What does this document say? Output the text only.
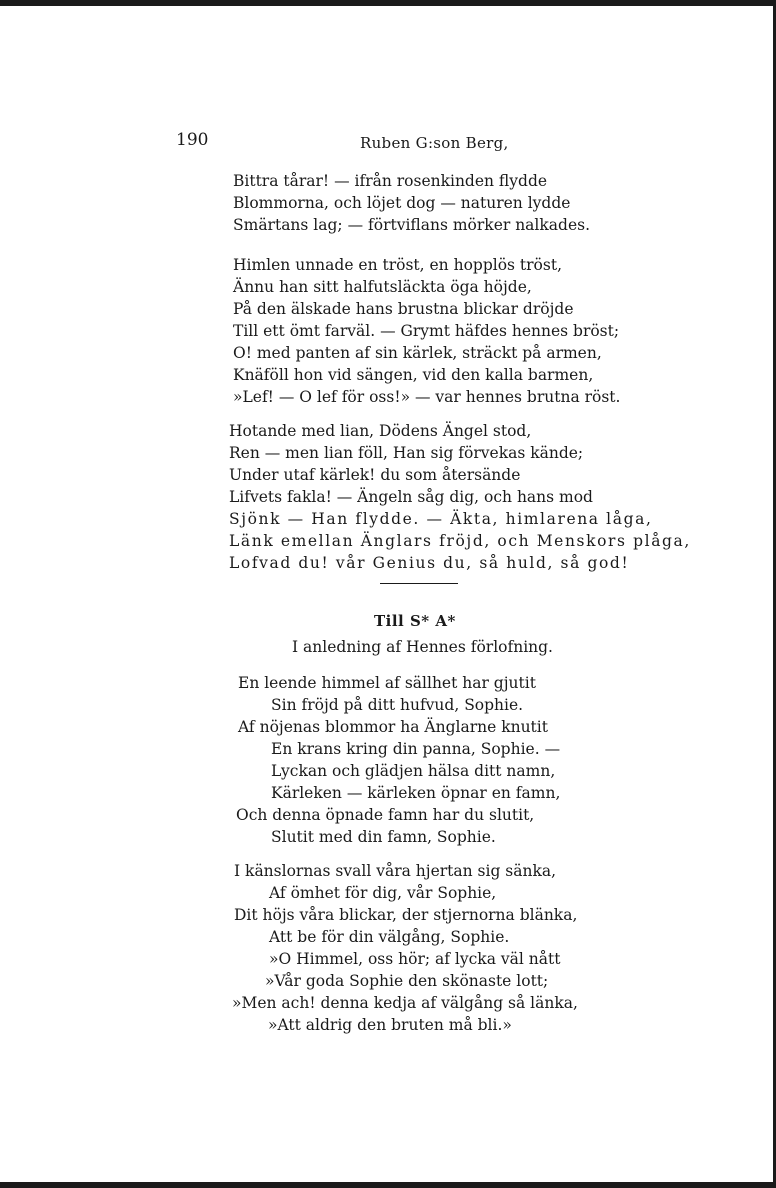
190	Ruben G:son Berg,
Bittra tårar! — ifrån rosenkinden flydde
Blommorna, och löjet dog — naturen lydde
Smärtans lag; — förtviflans mörker nalkades.
Himlen unnade en tröst, en hopplös tröst,
Ännu han sitt halfutsläckta öga höjde,
På den älskade hans brustna blickar dröjde
Till ett ömt farväl. — Grymt häfdes hennes bröst;
O! med panten af sin kärlek, sträckt på armen,
Knäföll hon vid sängen, vid den kalla barmen,
»Lef! — O lef för oss!» — var hennes brutna röst.
Hotande med lian, Dödens Ängel stod,
Ren — men lian föll, Han sig förvekas kände;
Under utaf kärlek! du som återsände
Lifvets fakla! — Ängeln såg dig, och hans mod
Sjönk — Han flydde. — Äkta, himlarena låga,
Länk emellan Änglars fröjd, och Menskors plåga,
Lofvad du! vår Genius du, så huld, så god!
Till S* A*
I anledning af Hennes förlofning.
En leende himmel af sällhet har gjutit
Sin fröjd på ditt hufvud, Sophie.
Af nöjenas blommor ha Änglarne knutit
En krans kring din panna, Sophie. —
Lyckan och glädjen hälsa ditt namn,
Kärleken — kärleken öpnar en famn,
Och denna öpnade famn har du slutit,
Slutit med din famn, Sophie.
I känslornas svall våra hjertan sig sänka,
Af ömhet för dig, vår Sophie,
Dit höjs våra blickar, der stjernorna blänka,
Att be för din välgång, Sophie.
»O Himmel, oss hör; af lycka väl nått
»Vår goda Sophie den skönaste lott;
»Men ach! denna kedja af välgång så länka,
»Att aldrig den bruten må bli.»
